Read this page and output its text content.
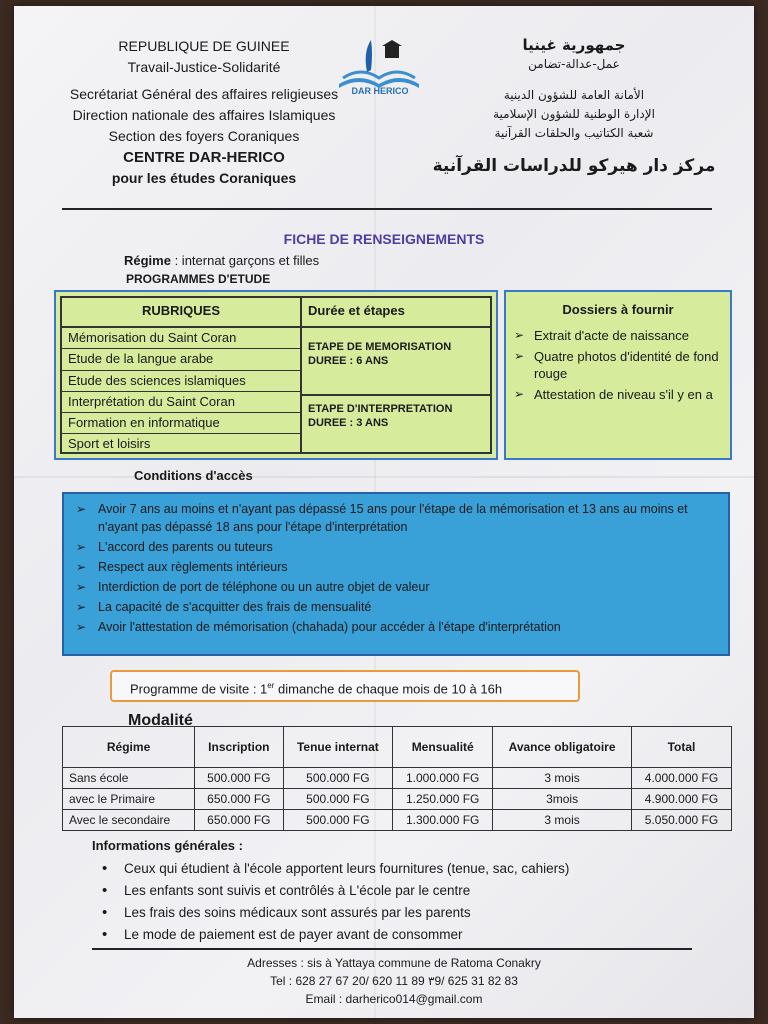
REPUBLIQUE DE GUINEE
Travail-Justice-Solidarité
Secrétariat Général des affaires religieuses
Direction nationale des affaires Islamiques
Section des foyers Coraniques
CENTRE DAR-HERICO
pour les études Coraniques
DAR HERICO
جمهورية غينيا
عمل-عدالة-تضامن
الأمانة العامة للشؤون الدينية
الإدارة الوطنية للشؤون الإسلامية
شعبة الكتاتيب والحلقات القرآنية
مركز دار هيركو للدراسات القرآنية
FICHE DE RENSEIGNEMENTS
Régime : internat garçons et filles
PROGRAMMES D'ETUDE
RUBRIQUES	Durée et étapes
Mémorisation du Saint Coran
Etude de la langue arabe
Etude des sciences islamiques
Interprétation du Saint Coran
Formation en informatique
Sport et loisirs
ETAPE DE MEMORISATION
DUREE : 6 ANS
ETAPE D'INTERPRETATION
DUREE : 3 ANS
Dossiers à fournir
➢ Extrait d'acte de naissance
➢ Quatre photos d'identité de fond rouge
➢ Attestation de niveau s'il y en a
Conditions d'accès
➢ Avoir 7 ans au moins et n'ayant pas dépassé 15 ans pour l'étape de la mémorisation et 13 ans au moins et n'ayant pas dépassé 18 ans pour l'étape d'interprétation
➢ L'accord des parents ou tuteurs
➢ Respect aux règlements intérieurs
➢ Interdiction de port de téléphone ou un autre objet de valeur
➢ La capacité de s'acquitter des frais de mensualité
➢ Avoir l'attestation de mémorisation (chahada) pour accéder à l'étape d'interprétation
Programme de visite : 1er dimanche de chaque mois de 10 à 16h
Modalité
Régime	Inscription	Tenue internat	Mensualité	Avance obligatoire	Total
Sans école	500.000 FG	500.000 FG	1.000.000 FG	3 mois	4.000.000 FG
avec le Primaire	650.000 FG	500.000 FG	1.250.000 FG	3mois	4.900.000 FG
Avec le secondaire	650.000 FG	500.000 FG	1.300.000 FG	3 mois	5.050.000 FG
Informations générales :
• Ceux qui étudient à l'école apportent leurs fournitures (tenue, sac, cahiers)
• Les enfants sont suivis et contrôlés à L'école par le centre
• Les frais des soins médicaux sont assurés par les parents
• Le mode de paiement est de payer avant de consommer
Adresses : sis à Yattaya commune de Ratoma Conakry
Tel : 628 27 67 20/ 620 11 89 ٣9/ 625 31 82 83
Email : darherico014@gmail.com
